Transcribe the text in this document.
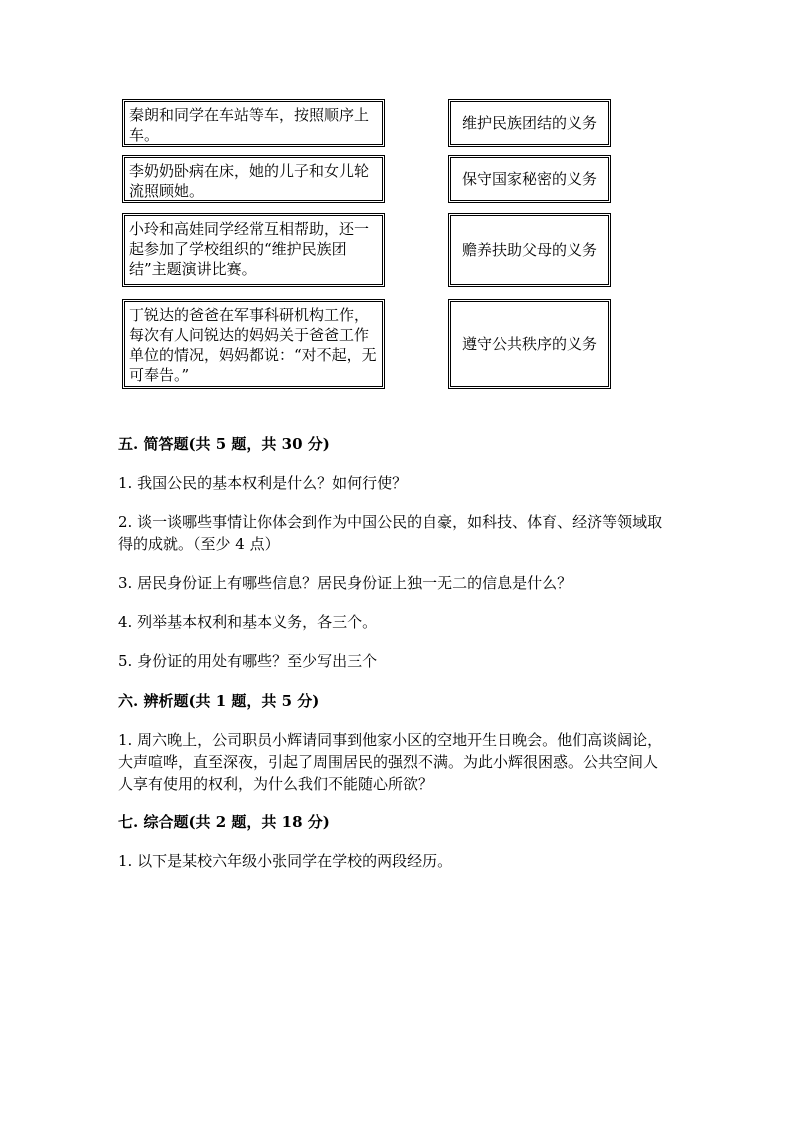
秦朗和同学在车站等车，按照顺序上车。
李奶奶卧病在床，她的儿子和女儿轮流照顾她。
小玲和高娃同学经常互相帮助，还一起参加了学校组织的“维护民族团结”主题演讲比赛。
丁锐达的爸爸在军事科研机构工作，每次有人问锐达的妈妈关于爸爸工作单位的情况，妈妈都说：“对不起，无可奉告。”
维护民族团结的义务
保守国家秘密的义务
赡养扶助父母的义务
遵守公共秩序的义务
五. 简答题(共 5 题，共 30 分)

1. 我国公民的基本权利是什么？如何行使？

2. 谈一谈哪些事情让你体会到作为中国公民的自豪，如科技、体育、经济等领域取得的成就。（至少 4 点）

3. 居民身份证上有哪些信息？居民身份证上独一无二的信息是什么？

4. 列举基本权利和基本义务，各三个。

5. 身份证的用处有哪些？至少写出三个

六. 辨析题(共 1 题，共 5 分)

1. 周六晚上，公司职员小辉请同事到他家小区的空地开生日晚会。他们高谈阔论，大声喧哗，直至深夜，引起了周围居民的强烈不满。为此小辉很困惑。公共空间人人享有使用的权利，为什么我们不能随心所欲？

七. 综合题(共 2 题，共 18 分)

1. 以下是某校六年级小张同学在学校的两段经历。
